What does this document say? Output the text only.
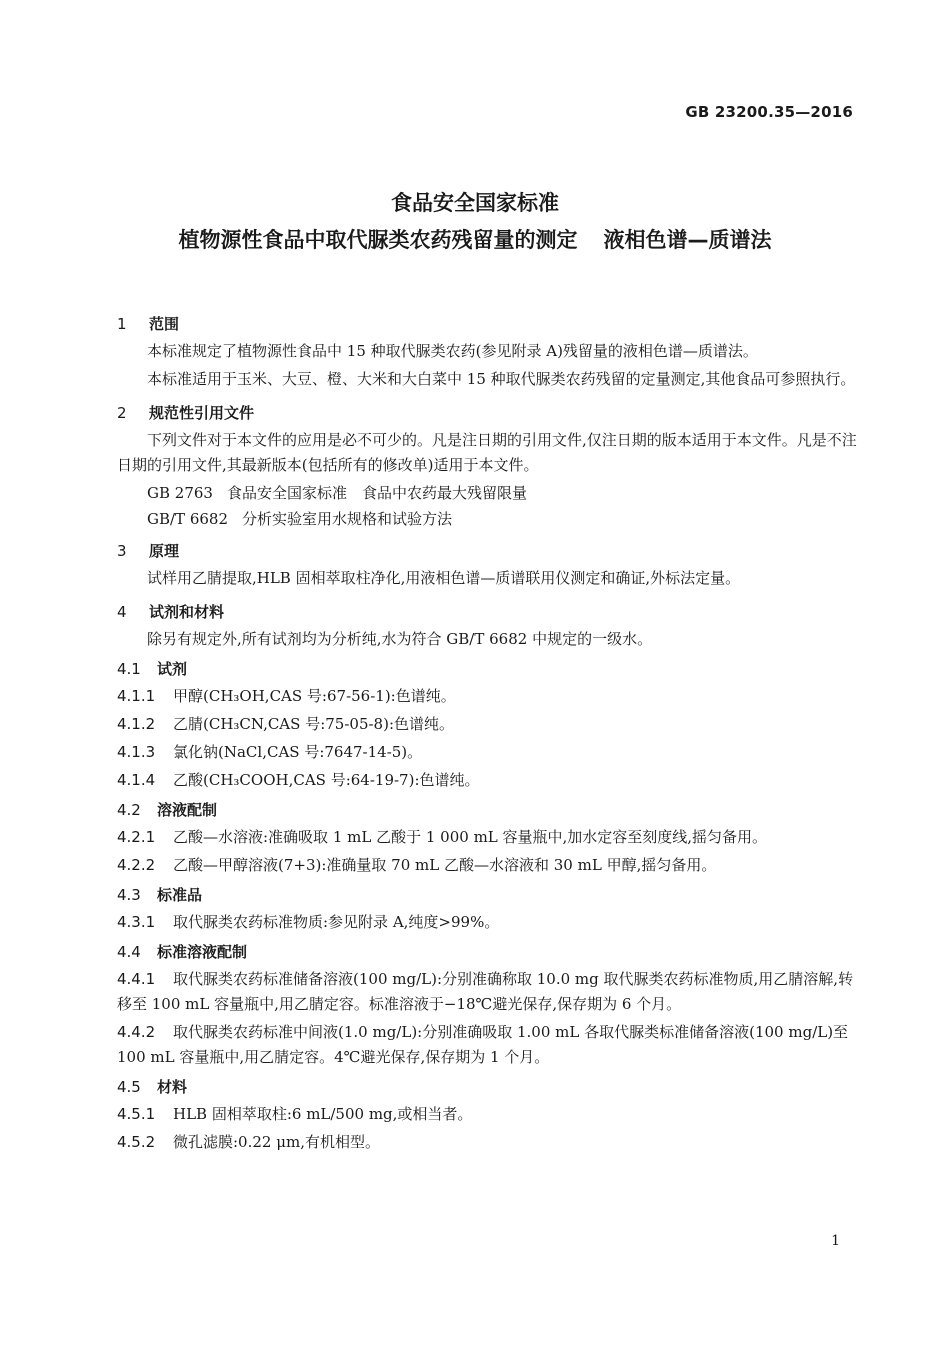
GB 23200.35—2016
食品安全国家标准
植物源性食品中取代脲类农药残留量的测定 液相色谱—质谱法
1 范围
本标准规定了植物源性食品中 15 种取代脲类农药(参见附录 A)残留量的液相色谱—质谱法。
本标准适用于玉米、大豆、橙、大米和大白菜中 15 种取代脲类农药残留的定量测定,其他食品可参照执行。
2 规范性引用文件
下列文件对于本文件的应用是必不可少的。凡是注日期的引用文件,仅注日期的版本适用于本文件。凡是不注日期的引用文件,其最新版本(包括所有的修改单)适用于本文件。
GB 2763 食品安全国家标准　食品中农药最大残留限量
GB/T 6682 分析实验室用水规格和试验方法
3 原理
试样用乙腈提取,HLB 固相萃取柱净化,用液相色谱—质谱联用仪测定和确证,外标法定量。
4 试剂和材料
除另有规定外,所有试剂均为分析纯,水为符合 GB/T 6682 中规定的一级水。
4.1 试剂
4.1.1 甲醇(CH₃OH,CAS 号:67-56-1):色谱纯。
4.1.2 乙腈(CH₃CN,CAS 号:75-05-8):色谱纯。
4.1.3 氯化钠(NaCl,CAS 号:7647-14-5)。
4.1.4 乙酸(CH₃COOH,CAS 号:64-19-7):色谱纯。
4.2 溶液配制
4.2.1 乙酸—水溶液:准确吸取 1 mL 乙酸于 1 000 mL 容量瓶中,加水定容至刻度线,摇匀备用。
4.2.2 乙酸—甲醇溶液(7+3):准确量取 70 mL 乙酸—水溶液和 30 mL 甲醇,摇匀备用。
4.3 标准品
4.3.1 取代脲类农药标准物质:参见附录 A,纯度>99%。
4.4 标准溶液配制
4.4.1 取代脲类农药标准储备溶液(100 mg/L):分别准确称取 10.0 mg 取代脲类农药标准物质,用乙腈溶解,转移至 100 mL 容量瓶中,用乙腈定容。标准溶液于−18℃避光保存,保存期为 6 个月。
4.4.2 取代脲类农药标准中间液(1.0 mg/L):分别准确吸取 1.00 mL 各取代脲类标准储备溶液(100 mg/L)至 100 mL 容量瓶中,用乙腈定容。4℃避光保存,保存期为 1 个月。
4.5 材料
4.5.1 HLB 固相萃取柱:6 mL/500 mg,或相当者。
4.5.2 微孔滤膜:0.22 μm,有机相型。
1
